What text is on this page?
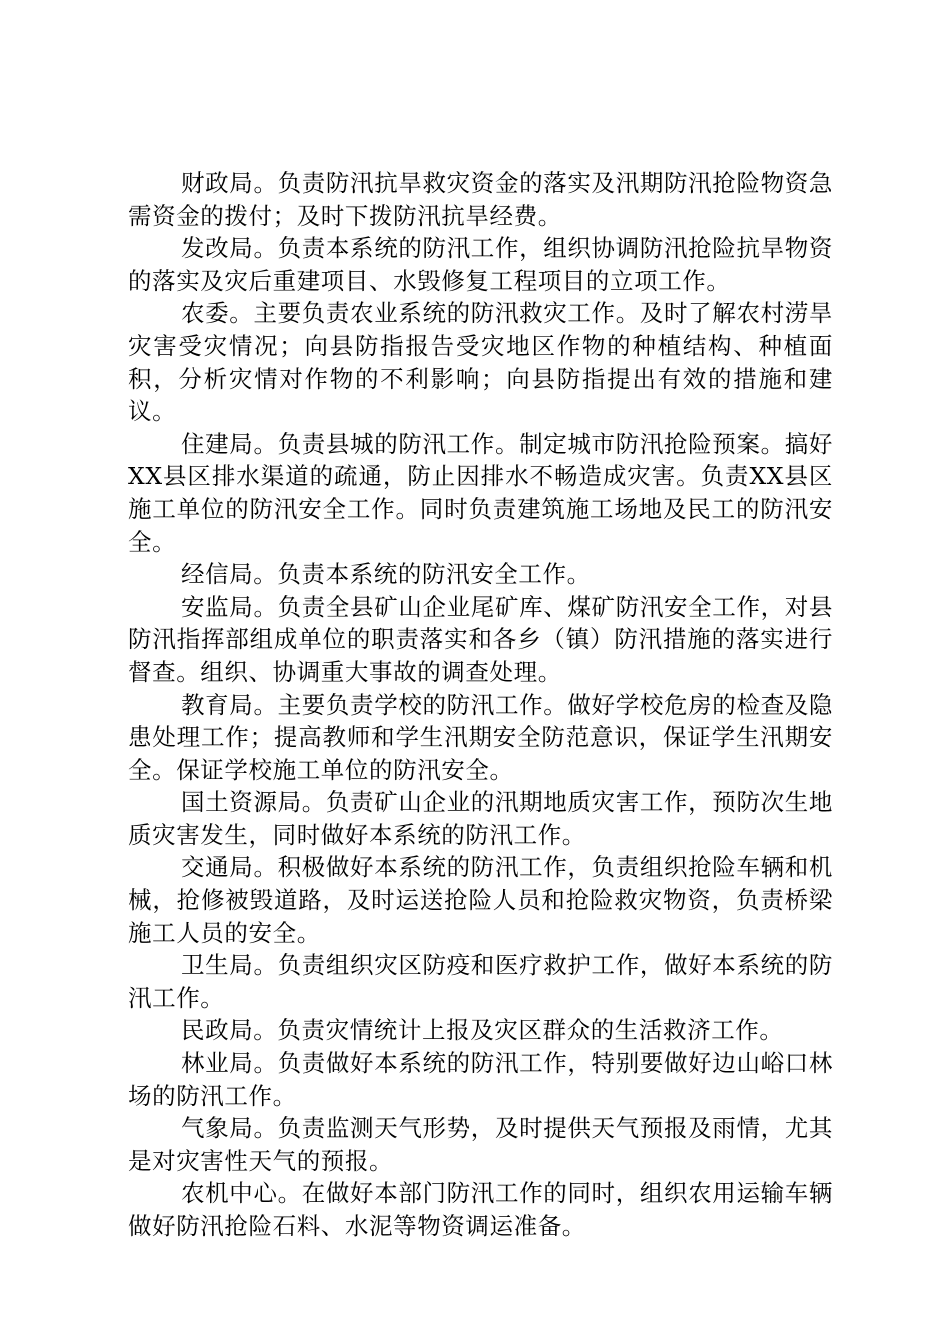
财政局。负责防汛抗旱救灾资金的落实及汛期防汛抢险物资急需资金的拨付；及时下拨防汛抗旱经费。

发改局。负责本系统的防汛工作，组织协调防汛抢险抗旱物资的落实及灾后重建项目、水毁修复工程项目的立项工作。

农委。主要负责农业系统的防汛救灾工作。及时了解农村涝旱灾害受灾情况；向县防指报告受灾地区作物的种植结构、种植面积，分析灾情对作物的不利影响；向县防指提出有效的措施和建议。

住建局。负责县城的防汛工作。制定城市防汛抢险预案。搞好XX县区排水渠道的疏通，防止因排水不畅造成灾害。负责XX县区施工单位的防汛安全工作。同时负责建筑施工场地及民工的防汛安全。

经信局。负责本系统的防汛安全工作。

安监局。负责全县矿山企业尾矿库、煤矿防汛安全工作，对县防汛指挥部组成单位的职责落实和各乡（镇）防汛措施的落实进行督查。组织、协调重大事故的调查处理。

教育局。主要负责学校的防汛工作。做好学校危房的检查及隐患处理工作；提高教师和学生汛期安全防范意识，保证学生汛期安全。保证学校施工单位的防汛安全。

国土资源局。负责矿山企业的汛期地质灾害工作，预防次生地质灾害发生，同时做好本系统的防汛工作。

交通局。积极做好本系统的防汛工作，负责组织抢险车辆和机械，抢修被毁道路，及时运送抢险人员和抢险救灾物资，负责桥梁施工人员的安全。

卫生局。负责组织灾区防疫和医疗救护工作，做好本系统的防汛工作。

民政局。负责灾情统计上报及灾区群众的生活救济工作。

林业局。负责做好本系统的防汛工作，特别要做好边山峪口林场的防汛工作。

气象局。负责监测天气形势，及时提供天气预报及雨情，尤其是对灾害性天气的预报。

农机中心。在做好本部门防汛工作的同时，组织农用运输车辆做好防汛抢险石料、水泥等物资调运准备。
